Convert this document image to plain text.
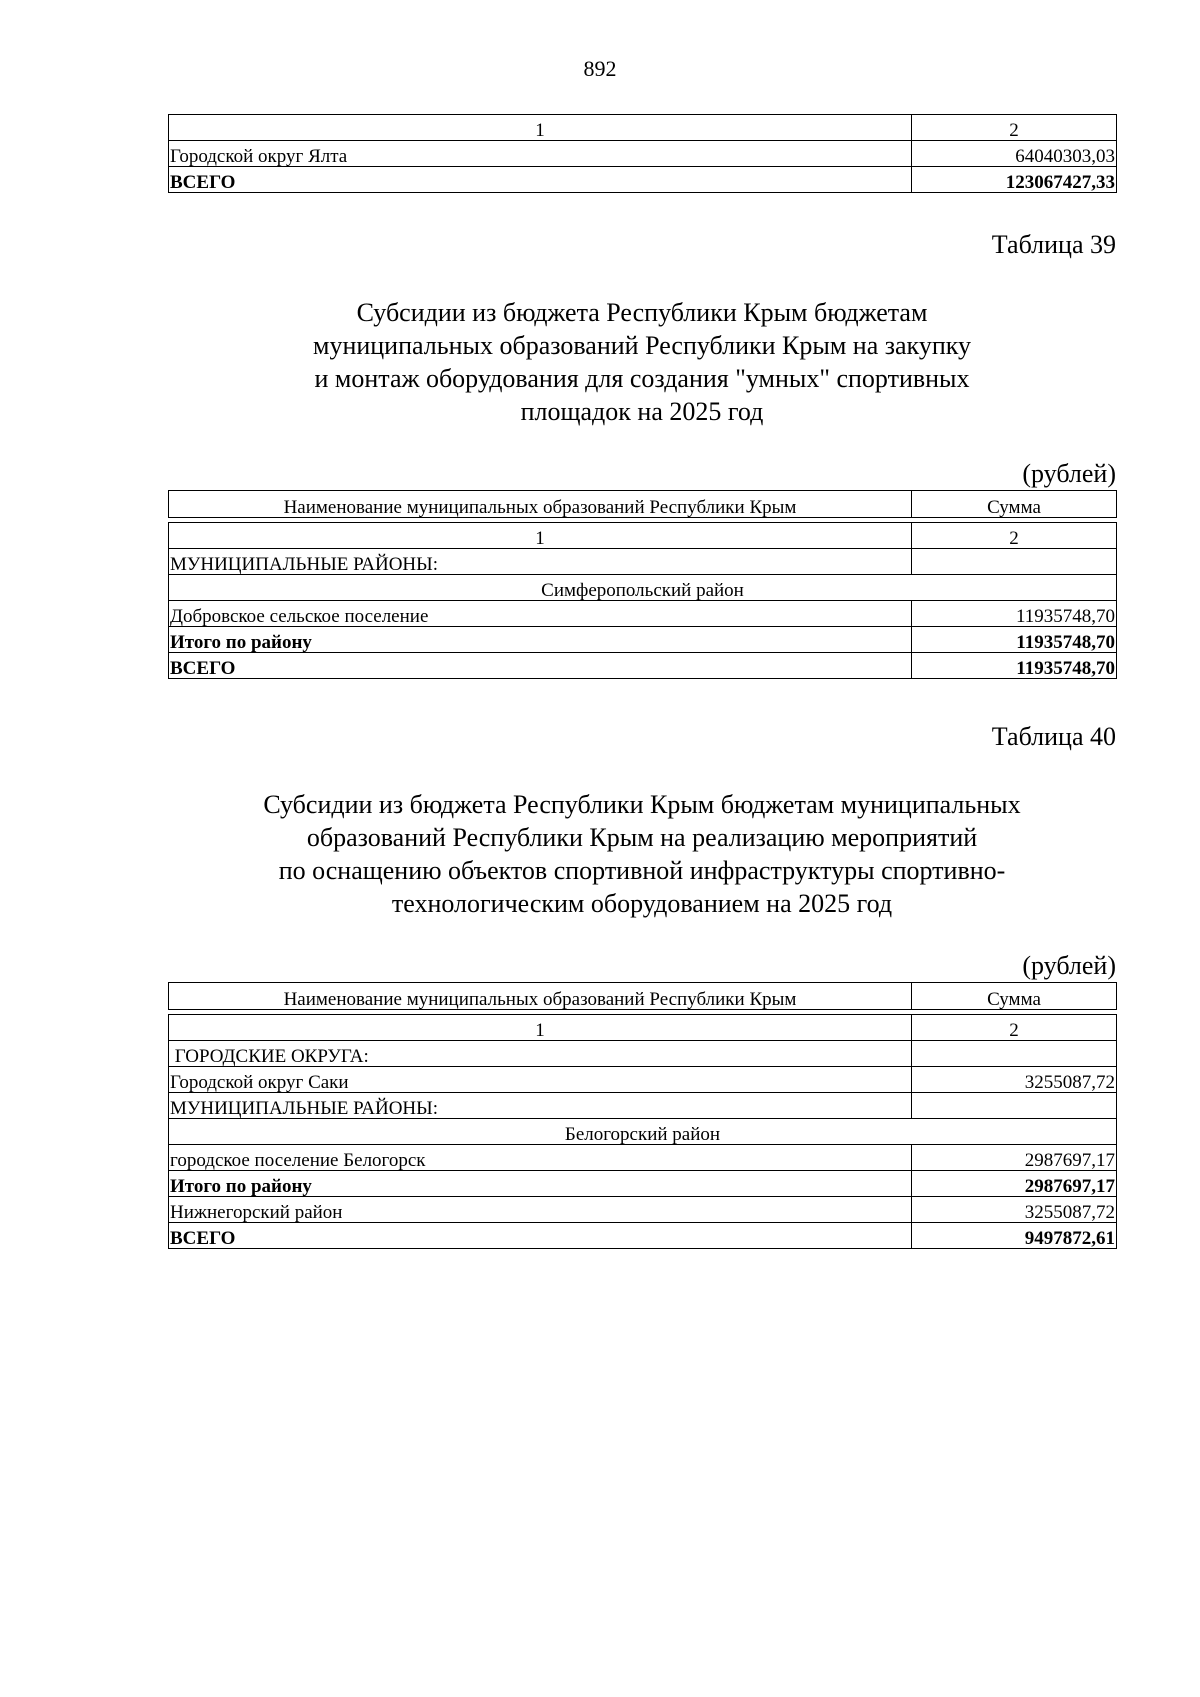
892
1	2
Городской округ Ялта	64040303,03
ВСЕГО	123067427,33
Таблица 39
Субсидии из бюджета Республики Крым бюджетам
муниципальных образований Республики Крым на закупку
и монтаж оборудования для создания "умных" спортивных
площадок на 2025 год
(рублей)
Наименование муниципальных образований Республики Крым	Сумма

1	2
МУНИЦИПАЛЬНЫЕ РАЙОНЫ:	
Симферопольский район	
Добровское сельское поселение	11935748,70
Итого по району	11935748,70
ВСЕГО	11935748,70
Таблица 40
Субсидии из бюджета Республики Крым бюджетам муниципальных
образований Республики Крым на реализацию мероприятий
по оснащению объектов спортивной инфраструктуры спортивно-
технологическим оборудованием на 2025 год
(рублей)
Наименование муниципальных образований Республики Крым	Сумма

1	2
ГОРОДСКИЕ ОКРУГА:	
Городской округ Саки	3255087,72
МУНИЦИПАЛЬНЫЕ РАЙОНЫ:	
Белогорский район	
городское поселение Белогорск	2987697,17
Итого по району	2987697,17
Нижнегорский район	3255087,72
ВСЕГО	9497872,61
